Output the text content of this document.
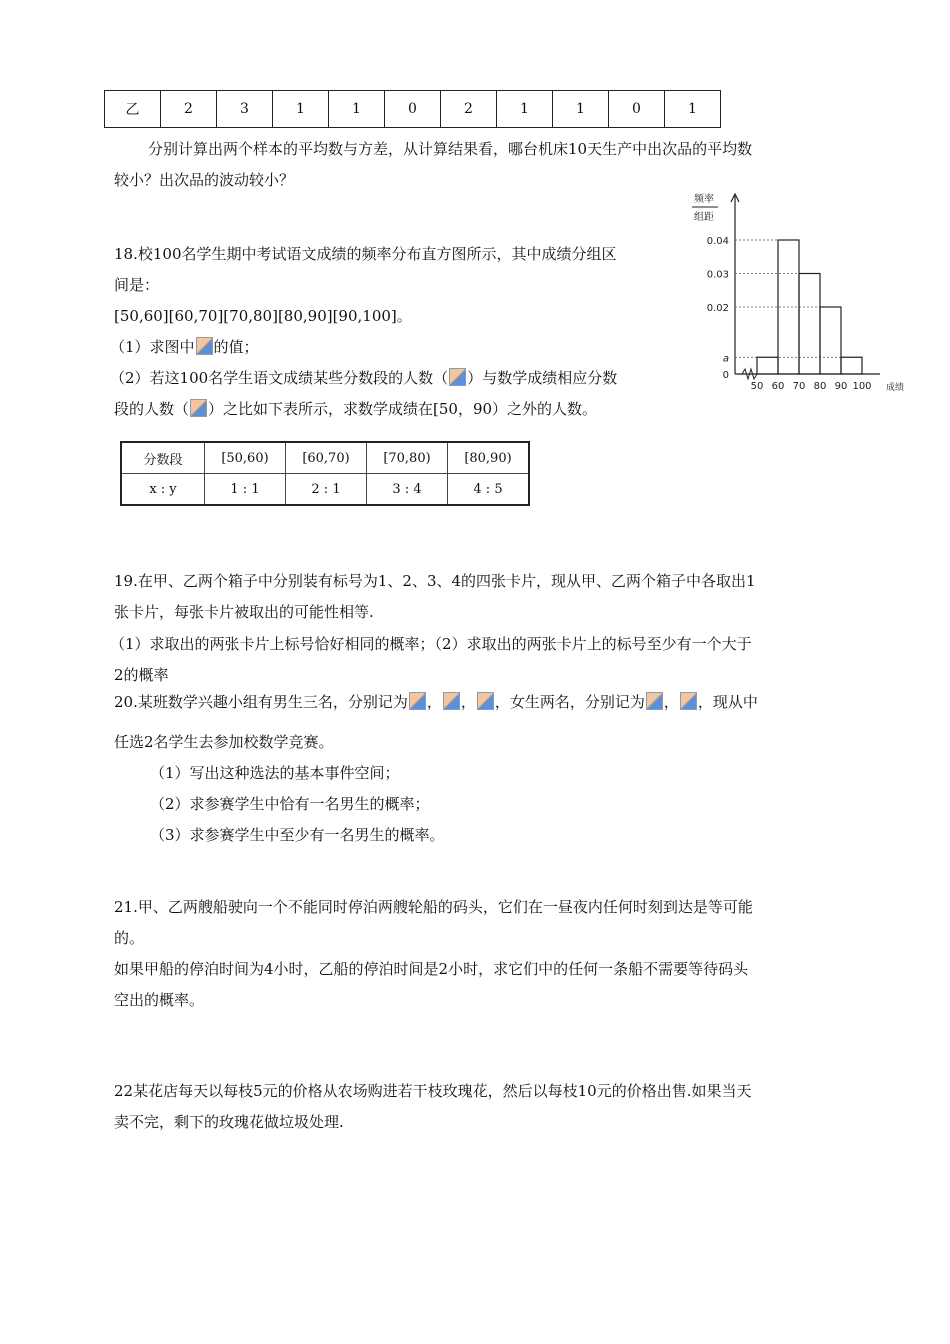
乙	2	3	1	1	0	2	1	1	0	1
分别计算出两个样本的平均数与方差，从计算结果看，哪台机床10天生产中出次品的平均数
较小？出次品的波动较小？
18.校100名学生期中考试语文成绩的频率分布直方图所示，其中成绩分组区
间是：
[50,60][60,70][70,80][80,90][90,100]。
（1）求图中 的值；
（2）若这100名学生语文成绩某些分数段的人数（ ）与数学成绩相应分数
段的人数（ ）之比如下表所示，求数学成绩在[50，90）之外的人数。
频率
组距
成绩
0.04
0.03
0.02
a
0
50 60 70 80 90 100
分数段	[50,60)	[60,70)	[70,80)	[80,90)
x : y	1 : 1	2 : 1	3 : 4	4 : 5
19.在甲、乙两个箱子中分别装有标号为1、2、3、4的四张卡片，现从甲、乙两个箱子中各取出1
张卡片，每张卡片被取出的可能性相等.
（1）求取出的两张卡片上标号恰好相同的概率；（2）求取出的两张卡片上的标号至少有一个大于
2的概率
20.某班数学兴趣小组有男生三名，分别记为 ， ， ，女生两名，分别记为 ， ，现从中
任选2名学生去参加校数学竞赛。
（1）写出这种选法的基本事件空间；
（2）求参赛学生中恰有一名男生的概率；
（3）求参赛学生中至少有一名男生的概率。
21.甲、乙两艘船驶向一个不能同时停泊两艘轮船的码头，它们在一昼夜内任何时刻到达是等可能
的。
如果甲船的停泊时间为4小时，乙船的停泊时间是2小时，求它们中的任何一条船不需要等待码头
空出的概率。
22某花店每天以每枝5元的价格从农场购进若干枝玫瑰花，然后以每枝10元的价格出售.如果当天
卖不完，剩下的玫瑰花做垃圾处理.
